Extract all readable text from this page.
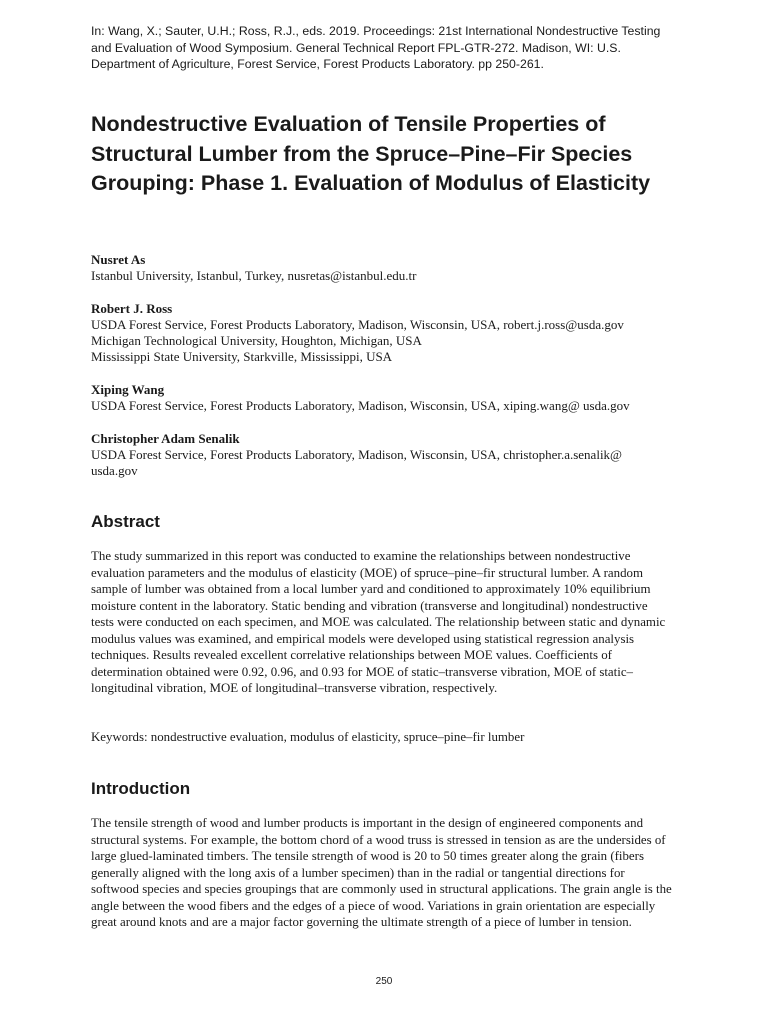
In: Wang, X.; Sauter, U.H.; Ross, R.J., eds. 2019. Proceedings: 21st International Nondestructive Testing and Evaluation of Wood Symposium. General Technical Report FPL-GTR-272. Madison, WI: U.S. Department of Agriculture, Forest Service, Forest Products Laboratory. pp 250-261.
Nondestructive Evaluation of Tensile Properties of Structural Lumber from the Spruce–Pine–Fir Species Grouping: Phase 1. Evaluation of Modulus of Elasticity
Nusret As
Istanbul University, Istanbul, Turkey, nusretas@istanbul.edu.tr
Robert J. Ross
USDA Forest Service, Forest Products Laboratory, Madison, Wisconsin, USA, robert.j.ross@usda.gov
Michigan Technological University, Houghton, Michigan, USA
Mississippi State University, Starkville, Mississippi, USA
Xiping Wang
USDA Forest Service, Forest Products Laboratory, Madison, Wisconsin, USA, xiping.wang@ usda.gov
Christopher Adam Senalik
USDA Forest Service, Forest Products Laboratory, Madison, Wisconsin, USA, christopher.a.senalik@ usda.gov
Abstract

The study summarized in this report was conducted to examine the relationships between nondestructive evaluation parameters and the modulus of elasticity (MOE) of spruce–pine–fir structural lumber. A random sample of lumber was obtained from a local lumber yard and conditioned to approximately 10% equilibrium moisture content in the laboratory. Static bending and vibration (transverse and longitudinal) nondestructive tests were conducted on each specimen, and MOE was calculated. The relationship between static and dynamic modulus values was examined, and empirical models were developed using statistical regression analysis techniques. Results revealed excellent correlative relationships between MOE values. Coefficients of determination obtained were 0.92, 0.96, and 0.93 for MOE of static–transverse vibration, MOE of static–longitudinal vibration, MOE of longitudinal–transverse vibration, respectively.

Keywords: nondestructive evaluation, modulus of elasticity, spruce–pine–fir lumber

Introduction

The tensile strength of wood and lumber products is important in the design of engineered components and structural systems. For example, the bottom chord of a wood truss is stressed in tension as are the undersides of large glued-laminated timbers. The tensile strength of wood is 20 to 50 times greater along the grain (fibers generally aligned with the long axis of a lumber specimen) than in the radial or tangential directions for softwood species and species groupings that are commonly used in structural applications. The grain angle is the angle between the wood fibers and the edges of a piece of wood. Variations in grain orientation are especially great around knots and are a major factor governing the ultimate strength of a piece of lumber in tension.

250
